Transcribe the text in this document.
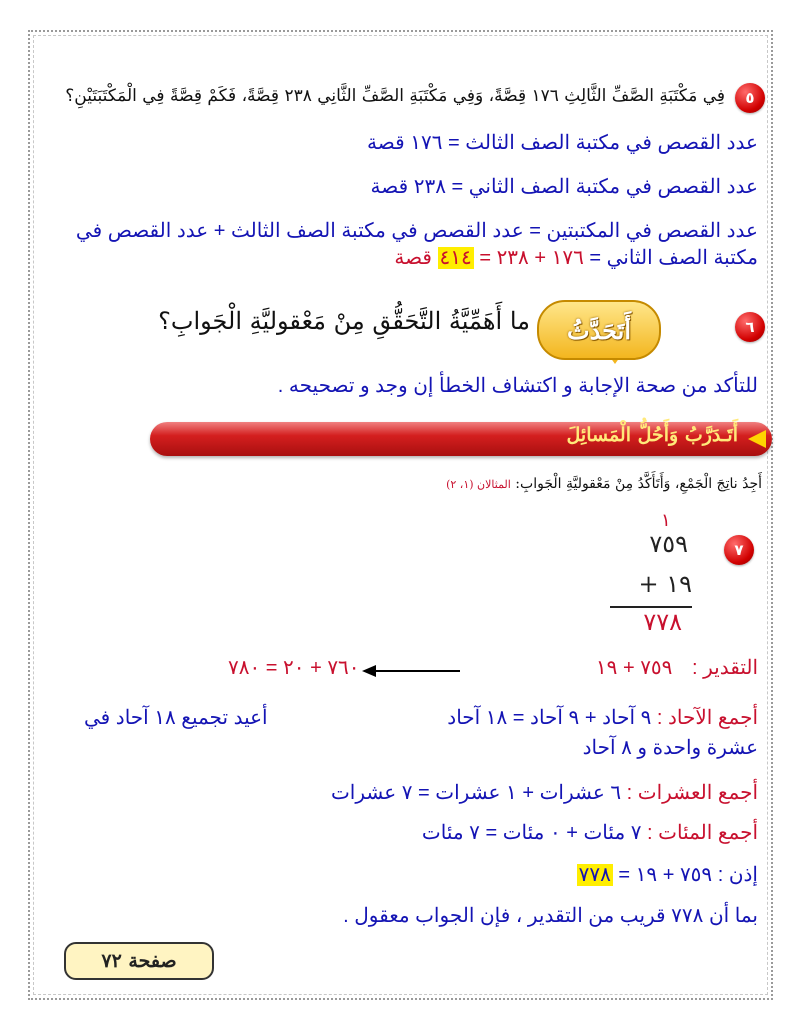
٥
فِي مَكْتَبَةِ الصَّفِّ الثَّالِثِ ١٧٦ قِصَّةً، وَفِي مَكْتَبَةِ الصَّفِّ الثَّانِي ٢٣٨ قِصَّةً، فَكَمْ قِصَّةً فِي الْمَكْتَبَتَيْنِ؟
عدد القصص في مكتبة الصف الثالث = ١٧٦ قصة
عدد القصص في مكتبة الصف الثاني = ٢٣٨ قصة
عدد القصص في المكتبتين = عدد القصص في مكتبة الصف الثالث + عدد القصص في
مكتبة الصف الثاني = ١٧٦ + ٢٣٨ = ٤١٤ قصة
٦
أَتَحَدَّثُ
ما أَهَمِّيَّةُ التَّحَقُّقِ مِنْ مَعْقوليَّةِ الْجَوابِ؟
للتأكد من صحة الإجابة و اكتشاف الخطأ إن وجد و تصحيحه .
أَتَـدَرَّبُ وَأَحُلُّ الْمَسائِلَ
أَجِدُ ناتِجَ الْجَمْعِ، وَأَتَأَكَّدُ مِنْ مَعْقوليَّةِ الْجَوابِ: المثالان (١، ٢)
٧
١
٧٥٩
١٩ +
٧٧٨
التقدير : ٧٥٩ + ١٩
٧٦٠ + ٢٠ = ٧٨٠
أجمع الآحاد : ٩ آحاد + ٩ آحاد = ١٨ آحاد
أعيد تجميع ١٨ آحاد في
عشرة واحدة و ٨ آحاد
أجمع العشرات : ٦ عشرات + ١ عشرات = ٧ عشرات
أجمع المئات : ٧ مئات + ٠ مئات = ٧ مئات
إذن : ٧٥٩ + ١٩ = ٧٧٨
بما أن ٧٧٨ قريب من التقدير ، فإن الجواب معقول .
صفحة ٧٢
